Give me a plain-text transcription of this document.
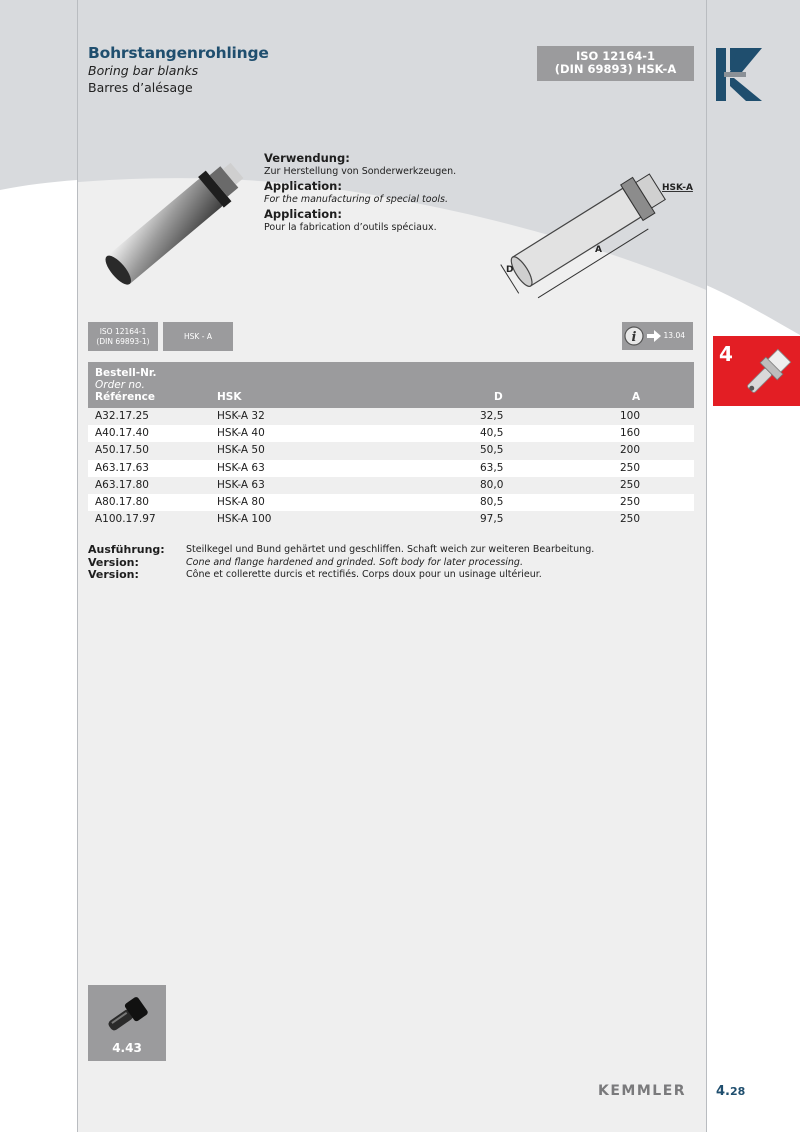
Bohrstangenrohlinge
Boring bar blanks
Barres d’alésage
ISO 12164-1
(DIN 69893) HSK-A
Verwendung:
Zur Herstellung von Sonderwerkzeugen.
Application:
For the manufacturing of special tools.
Application:
Pour la fabrication d’outils spéciaux.
HSK-A
A
D
ISO 12164-1
(DIN 69893-1)
HSK - A	i	13.04
4
Bestell-Nr.
Order no.
Référence	HSK	D	A
A32.17.25	HSK-A 32	32,5	100
A40.17.40	HSK-A 40	40,5	160
A50.17.50	HSK-A 50	50,5	200
A63.17.63	HSK-A 63	63,5	250
A63.17.80	HSK-A 63	80,0	250
A80.17.80	HSK-A 80	80,5	250
A100.17.97	HSK-A 100	97,5	250
Ausführung:	Steilkegel und Bund gehärtet und geschliffen. Schaft weich zur weiteren Bearbeitung.
Version:	Cone and flange hardened and grinded. Soft body for later processing.
Version:	Cône et collerette durcis et rectifiés. Corps doux pour un usinage ultérieur.
4.43
KEMMLER 4.28
